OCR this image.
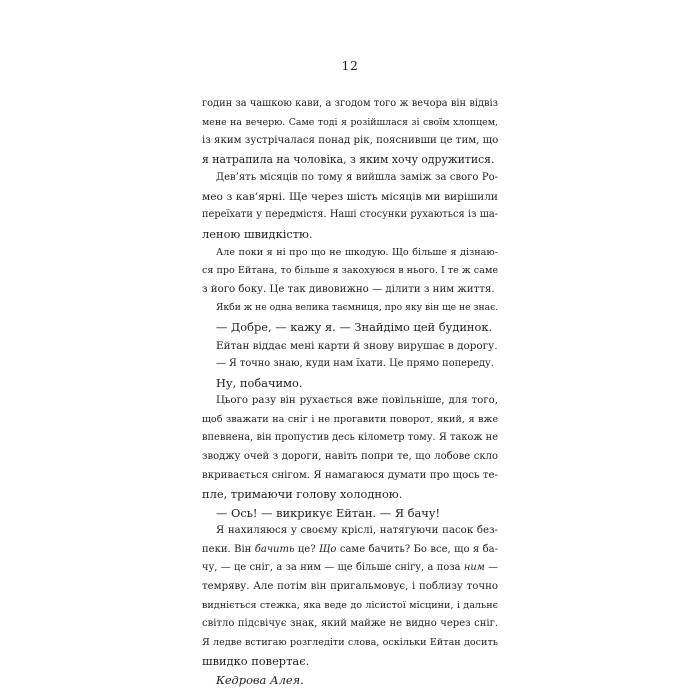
12
годин за чашкою кави, а згодом того ж вечора він відвіз
мене на вечерю. Саме тоді я розійшлася зі своїм хлопцем,
із яким зустрічалася понад рік, пояснивши це тим, що
я натрапила на чоловіка, з яким хочу одружитися.
Дев’ять місяців по тому я вийшла заміж за свого Ро-
мео з кав’ярні. Ще через шість місяців ми вирішили
переїхати у передмістя. Наші стосунки рухаються із ша-
леною швидкістю.
Але поки я ні про що не шкодую. Що більше я дізнаю-
ся про Ейтана, то більше я закохуюся в нього. І те ж саме
з його боку. Це так дивовижно — ділити з ним життя.
Якби ж не одна велика таємниця, про яку він ще не знає.
— Добре, — кажу я. — Знайдімо цей будинок.
Ейтан віддає мені карти й знову вирушає в дорогу.
— Я точно знаю, куди нам їхати. Це прямо попереду.
Ну, побачимо.
Цього разу він рухається вже повільніше, для того,
щоб зважати на сніг і не прогавити поворот, який, я вже
впевнена, він пропустив десь кілометр тому. Я також не
зводжу очей з дороги, навіть попри те, що лобове скло
вкривається снігом. Я намагаюся думати про щось те-
пле, тримаючи голову холодною.
— Ось! — викрикує Ейтан. — Я бачу!
Я нахиляюся у своєму кріслі, натягуючи пасок без-
пеки. Він бачить це? Що саме бачить? Бо все, що я ба-
чу, — це сніг, а за ним — ще більше снігу, а поза ним —
темряву. Але потім він пригальмовує, і поблизу точно
видніється стежка, яка веде до лісистої місцини, і дальнє
світло підсвічує знак, який майже не видно через сніг.
Я ледве встигаю розгледіти слова, оскільки Ейтан досить
швидко повертає.
Кедрова Алея.
